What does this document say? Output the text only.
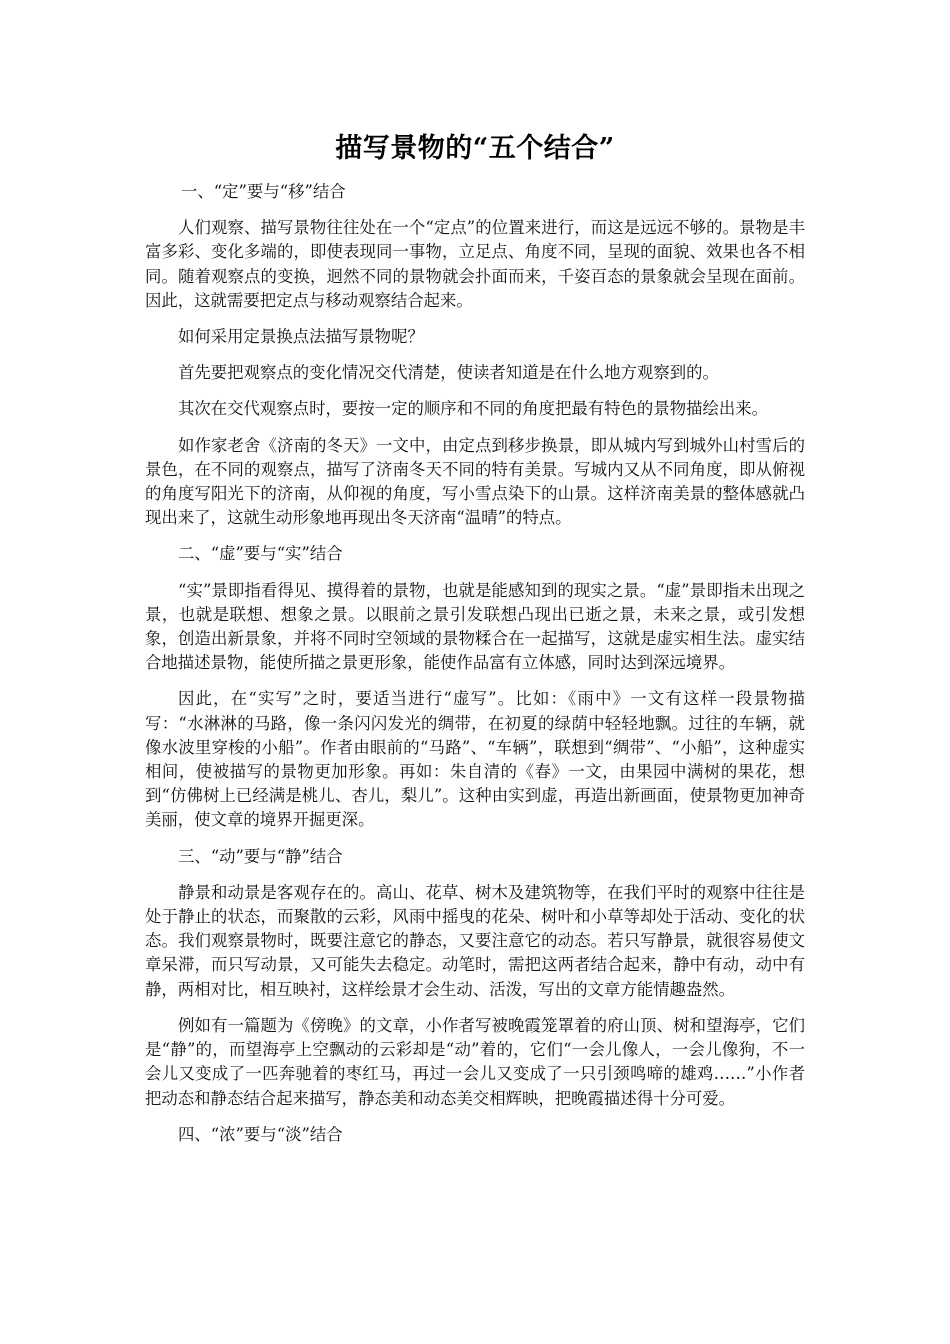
描写景物的“五个结合”

一、“定”要与“移”结合

人们观察、描写景物往往处在一个“定点”的位置来进行，而这是远远不够的。景物是丰富多彩、变化多端的，即使表现同一事物，立足点、角度不同，呈现的面貌、效果也各不相同。随着观察点的变换，迥然不同的景物就会扑面而来，千姿百态的景象就会呈现在面前。因此，这就需要把定点与移动观察结合起来。

如何采用定景换点法描写景物呢？

首先要把观察点的变化情况交代清楚，使读者知道是在什么地方观察到的。

其次在交代观察点时，要按一定的顺序和不同的角度把最有特色的景物描绘出来。

如作家老舍《济南的冬天》一文中，由定点到移步换景，即从城内写到城外山村雪后的景色，在不同的观察点，描写了济南冬天不同的特有美景。写城内又从不同角度，即从俯视的角度写阳光下的济南，从仰视的角度，写小雪点染下的山景。这样济南美景的整体感就凸现出来了，这就生动形象地再现出冬天济南“温晴”的特点。

二、“虚”要与“实”结合

“实”景即指看得见、摸得着的景物，也就是能感知到的现实之景。“虚”景即指未出现之景，也就是联想、想象之景。以眼前之景引发联想凸现出已逝之景，未来之景，或引发想象，创造出新景象，并将不同时空领域的景物糅合在一起描写，这就是虚实相生法。虚实结合地描述景物，能使所描之景更形象，能使作品富有立体感，同时达到深远境界。

因此，在“实写”之时，要适当进行“虚写”。比如：《雨中》一文有这样一段景物描写：“水淋淋的马路，像一条闪闪发光的绸带，在初夏的绿荫中轻轻地飘。过往的车辆，就像水波里穿梭的小船”。作者由眼前的“马路”、“车辆”，联想到“绸带”、“小船”，这种虚实相间，使被描写的景物更加形象。再如：朱自清的《春》一文，由果园中满树的果花，想到“仿佛树上已经满是桃儿、杏儿，梨儿”。这种由实到虚，再造出新画面，使景物更加神奇美丽，使文章的境界开掘更深。

三、“动”要与“静”结合

静景和动景是客观存在的。高山、花草、树木及建筑物等，在我们平时的观察中往往是处于静止的状态，而聚散的云彩，风雨中摇曳的花朵、树叶和小草等却处于活动、变化的状态。我们观察景物时，既要注意它的静态，又要注意它的动态。若只写静景，就很容易使文章呆滞，而只写动景，又可能失去稳定。动笔时，需把这两者结合起来，静中有动，动中有静，两相对比，相互映衬，这样绘景才会生动、活泼，写出的文章方能情趣盎然。

例如有一篇题为《傍晚》的文章，小作者写被晚霞笼罩着的府山顶、树和望海亭，它们是“静”的，而望海亭上空飘动的云彩却是“动”着的，它们“一会儿像人，一会儿像狗，不一会儿又变成了一匹奔驰着的枣红马，再过一会儿又变成了一只引颈鸣啼的雄鸡……”小作者把动态和静态结合起来描写，静态美和动态美交相辉映，把晚霞描述得十分可爱。

四、“浓”要与“淡”结合
